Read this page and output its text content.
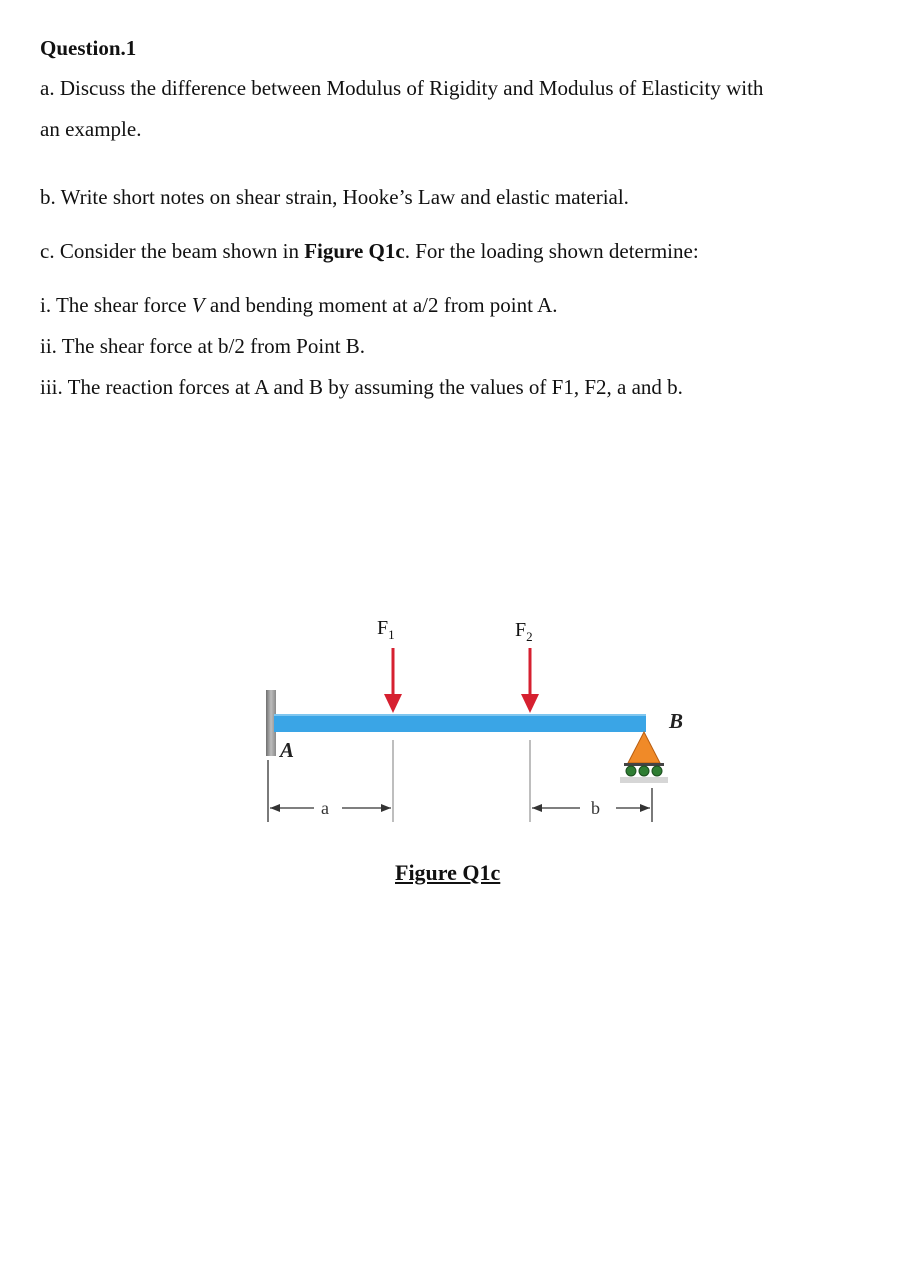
Question.1
a. Discuss the difference between Modulus of Rigidity and Modulus of Elasticity with
an example.
b. Write short notes on shear strain, Hooke’s Law and elastic material.
c. Consider the beam shown in Figure Q1c. For the loading shown determine:
i. The shear force V and bending moment at a/2 from point A.
ii. The shear force at b/2 from Point B.
iii. The reaction forces at A and B by assuming the values of F1, F2, a and b.
$F_1$	$F_2$
A
B
a	b
Figure Q1c
